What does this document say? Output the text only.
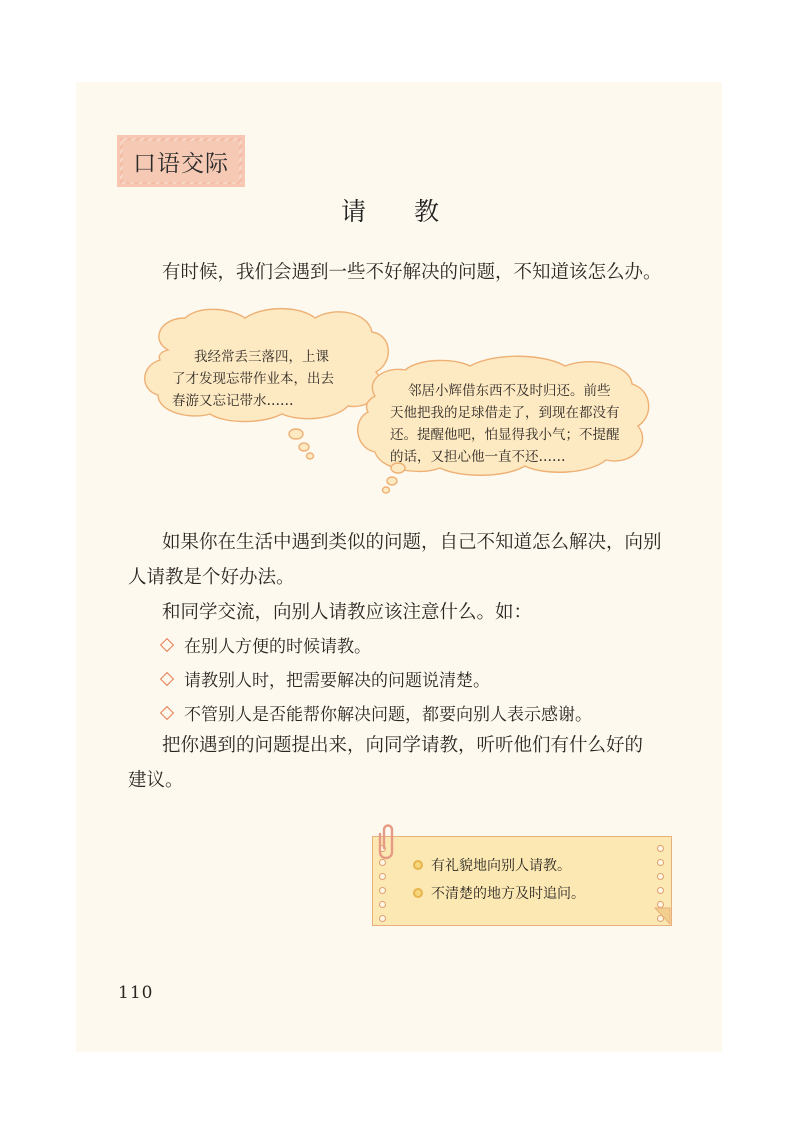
口语交际
请 教
有时候，我们会遇到一些不好解决的问题，不知道该怎么办。
我经常丢三落四，上课
了才发现忘带作业本，出去
春游又忘记带水……
邻居小辉借东西不及时归还。前些
天他把我的足球借走了，到现在都没有
还。提醒他吧，怕显得我小气；不提醒
的话，又担心他一直不还……
如果你在生活中遇到类似的问题，自己不知道怎么解决，向别
人请教是个好办法。
和同学交流，向别人请教应该注意什么。如：
在别人方便的时候请教。
请教别人时，把需要解决的问题说清楚。
不管别人是否能帮你解决问题，都要向别人表示感谢。
把你遇到的问题提出来，向同学请教，听听他们有什么好的
建议。
有礼貌地向别人请教。
不清楚的地方及时追问。
110
